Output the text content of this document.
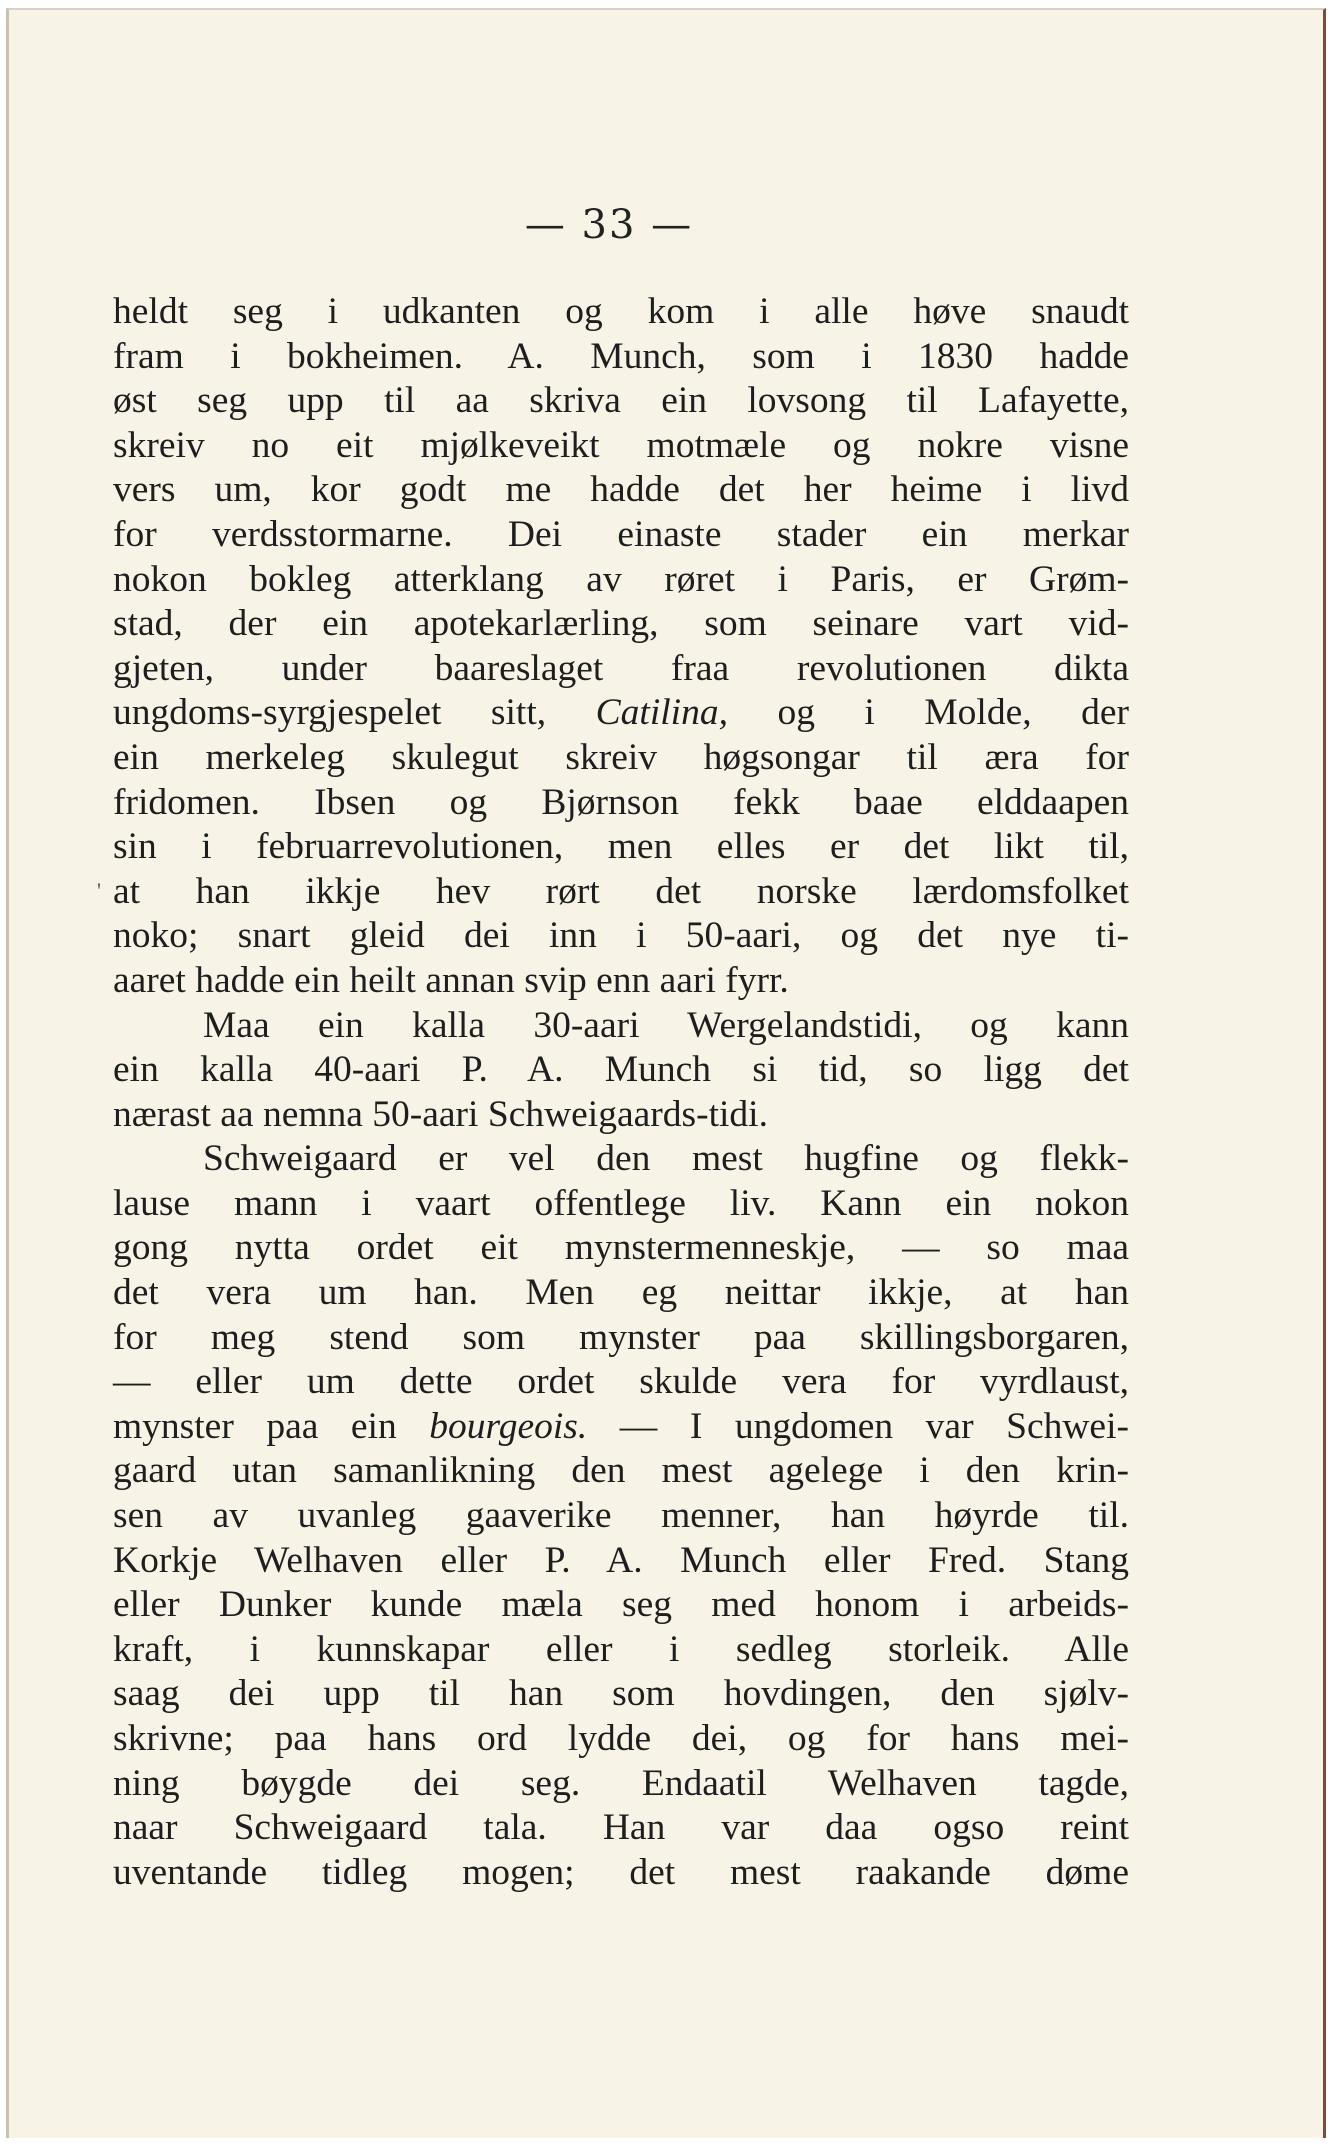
— 33 —
'
heldt seg i udkanten og kom i alle høve snaudt
fram i bokheimen. A. Munch, som i 1830 hadde
øst seg upp til aa skriva ein lovsong til Lafayette,
skreiv no eit mjølkeveikt motmæle og nokre visne
vers um, kor godt me hadde det her heime i livd
for verdsstormarne. Dei einaste stader ein merkar
nokon bokleg atterklang av røret i Paris, er Grøm-
stad, der ein apotekarlærling, som seinare vart vid-
gjeten, under baareslaget fraa revolutionen dikta
ungdoms-syrgjespelet sitt, Catilina, og i Molde, der
ein merkeleg skulegut skreiv høgsongar til æra for
fridomen. Ibsen og Bjørnson fekk baae elddaapen
sin i februarrevolutionen, men elles er det likt til,
at han ikkje hev rørt det norske lærdomsfolket
noko; snart gleid dei inn i 50-aari, og det nye ti-
aaret hadde ein heilt annan svip enn aari fyrr.
Maa ein kalla 30-aari Wergelandstidi, og kann
ein kalla 40-aari P. A. Munch si tid, so ligg det
nærast aa nemna 50-aari Schweigaards-tidi.
Schweigaard er vel den mest hugfine og flekk-
lause mann i vaart offentlege liv. Kann ein nokon
gong nytta ordet eit mynstermenneskje, — so maa
det vera um han. Men eg neittar ikkje, at han
for meg stend som mynster paa skillingsborgaren,
— eller um dette ordet skulde vera for vyrdlaust,
mynster paa ein bourgeois. — I ungdomen var Schwei-
gaard utan samanlikning den mest agelege i den krin-
sen av uvanleg gaaverike menner, han høyrde til.
Korkje Welhaven eller P. A. Munch eller Fred. Stang
eller Dunker kunde mæla seg med honom i arbeids-
kraft, i kunnskapar eller i sedleg storleik. Alle
saag dei upp til han som hovdingen, den sjølv-
skrivne; paa hans ord lydde dei, og for hans mei-
ning bøygde dei seg. Endaatil Welhaven tagde,
naar Schweigaard tala. Han var daa ogso reint
uventande tidleg mogen; det mest raakande døme
